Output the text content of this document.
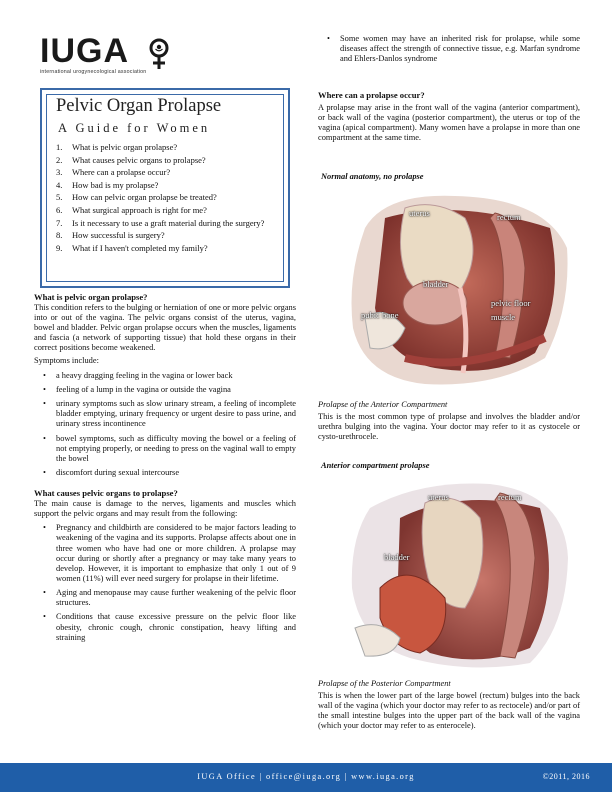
IUGA
international urogynecological association
Pelvic Organ Prolapse
A Guide for Women
1.	What is pelvic organ prolapse?
2.	What causes pelvic organs to prolapse?
3.	Where can a prolapse occur?
4.	How bad is my prolapse?
5.	How can pelvic organ prolapse be treated?
6.	What surgical approach is right for me?
7.	Is it necessary to use a graft material during the surgery?
8.	How successful is surgery?
9.	What if I haven't completed my family?
What is pelvic organ prolapse?
This condition refers to the bulging or herniation of one or more pelvic organs into or out of the vagina. The pelvic organs consist of the uterus, vagina, bowel and bladder. Pelvic organ prolapse occurs when the muscles, ligaments and fascia (a network of supporting tissue) that hold these organs in their correct positions become weakened.
Symptoms include:
• a heavy dragging feeling in the vagina or lower back
• feeling of a lump in the vagina or outside the vagina
• urinary symptoms such as slow urinary stream, a feeling of incomplete bladder emptying, urinary frequency or urgent desire to pass urine, and urinary stress incontinence
• bowel symptoms, such as difficulty moving the bowel or a feeling of not emptying properly, or needing to press on the vaginal wall to empty the bowel
• discomfort during sexual intercourse
What causes pelvic organs to prolapse?
The main cause is damage to the nerves, ligaments and muscles which support the pelvic organs and may result from the following:
• Pregnancy and childbirth are considered to be major factors leading to weakening of the vagina and its supports. Prolapse affects about one in three women who have had one or more children. A prolapse may occur during or shortly after a pregnancy or may take many years to develop. However, it is important to emphasize that only 1 out of 9 women (11%) will ever need surgery for prolapse in their lifetime.
• Aging and menopause may cause further weakening of the pelvic floor structures.
• Conditions that cause excessive pressure on the pelvic floor like obesity, chronic cough, chronic constipation, heavy lifting and straining
• Some women may have an inherited risk for prolapse, while some diseases affect the strength of connective tissue, e.g. Marfan syndrome and Ehlers-Danlos syndrome
Where can a prolapse occur?
A prolapse may arise in the front wall of the vagina (anterior compartment), or back wall of the vagina (posterior compartment), the uterus or top of the vagina (apical compartment). Many women have a prolapse in more than one compartment at the same time.
Normal anatomy, no prolapse
uterus	rectum
bladder
pubic bone
pelvic floor
muscle
Prolapse of the Anterior Compartment
This is the most common type of prolapse and involves the bladder and/or urethra bulging into the vagina. Your doctor may refer to it as cystocele or cysto-urethrocele.
Anterior compartment prolapse
uterus	rectum
bladder
Prolapse of the Posterior Compartment
This is when the lower part of the large bowel (rectum) bulges into the back wall of the vagina (which your doctor may refer to as rectocele) and/or part of the small intestine bulges into the upper part of the back wall of the vagina (which your doctor may refer to as enterocele).
IUGA Office | office@iuga.org | www.iuga.org	©2011, 2016
